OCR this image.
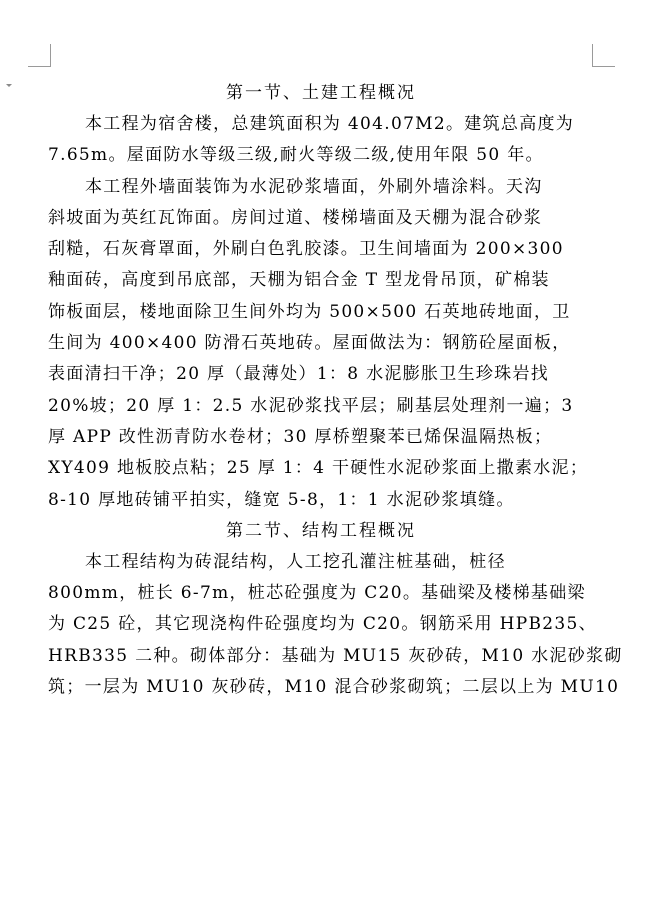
第一节、土建工程概况

本工程为宿舍楼，总建筑面积为 404.07M2。建筑总高度为
7.65m。屋面防水等级三级,耐火等级二级,使用年限 50 年。

本工程外墙面装饰为水泥砂浆墙面，外刷外墙涂料。天沟
斜坡面为英红瓦饰面。房间过道、楼梯墙面及天棚为混合砂浆
刮糙，石灰膏罩面，外刷白色乳胶漆。卫生间墙面为 200×300
釉面砖，高度到吊底部，天棚为铝合金 T 型龙骨吊顶，矿棉装
饰板面层，楼地面除卫生间外均为 500×500 石英地砖地面，卫
生间为 400×400 防滑石英地砖。屋面做法为：钢筋砼屋面板，
表面清扫干净；20 厚（最薄处）1：8 水泥膨胀卫生珍珠岩找
20%坡；20 厚 1：2.5 水泥砂浆找平层；刷基层处理剂一遍；3
厚 APP 改性沥青防水卷材；30 厚桥塑聚苯已烯保温隔热板；
XY409 地板胶点粘；25 厚 1：4 干硬性水泥砂浆面上撒素水泥；
8-10 厚地砖铺平拍实，缝宽 5-8，1：1 水泥砂浆填缝。

第二节、结构工程概况

本工程结构为砖混结构，人工挖孔灌注桩基础，桩径
800mm，桩长 6-7m，桩芯砼强度为 C20。基础梁及楼梯基础梁
为 C25 砼，其它现浇构件砼强度均为 C20。钢筋采用 HPB235、
HRB335 二种。砌体部分：基础为 MU15 灰砂砖，M10 水泥砂浆砌
筑；一层为 MU10 灰砂砖，M10 混合砂浆砌筑；二层以上为 MU10
